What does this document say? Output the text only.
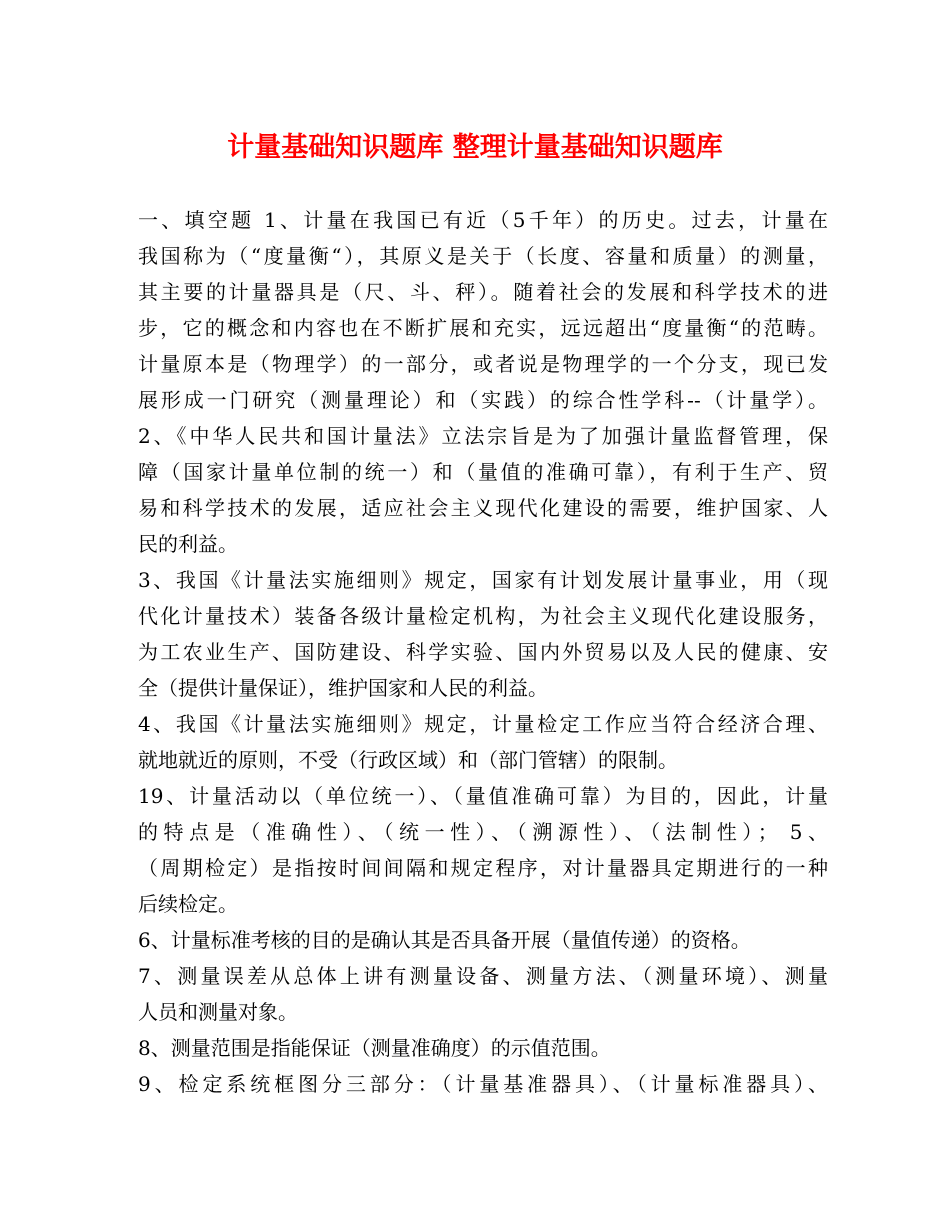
计量基础知识题库 整理计量基础知识题库
一、填空题 1、计量在我国已有近（5千年）的历史。过去，计量在
我国称为（“度量衡“），其原义是关于（长度、容量和质量）的测量，
其主要的计量器具是（尺、斗、秤）。随着社会的发展和科学技术的进
步，它的概念和内容也在不断扩展和充实，远远超出“度量衡“的范畴。
计量原本是（物理学）的一部分，或者说是物理学的一个分支，现已发
展形成一门研究（测量理论）和（实践）的综合性学科--（计量学）。
2、《中华人民共和国计量法》立法宗旨是为了加强计量监督管理，保
障（国家计量单位制的统一）和（量值的准确可靠），有利于生产、贸
易和科学技术的发展，适应社会主义现代化建设的需要，维护国家、人
民的利益。
3、我国《计量法实施细则》规定，国家有计划发展计量事业，用（现
代化计量技术）装备各级计量检定机构，为社会主义现代化建设服务，
为工农业生产、国防建设、科学实验、国内外贸易以及人民的健康、安
全（提供计量保证），维护国家和人民的利益。
4、我国《计量法实施细则》规定，计量检定工作应当符合经济合理、
就地就近的原则，不受（行政区域）和（部门管辖）的限制。
19、计量活动以（单位统一）、（量值准确可靠）为目的，因此，计量
的特点是（准确性）、（统一性）、（溯源性）、（法制性）； 5、
（周期检定）是指按时间间隔和规定程序，对计量器具定期进行的一种
后续检定。
6、计量标准考核的目的是确认其是否具备开展（量值传递）的资格。
7、测量误差从总体上讲有测量设备、测量方法、（测量环境）、测量
人员和测量对象。
8、测量范围是指能保证（测量准确度）的示值范围。
9、检定系统框图分三部分：（计量基准器具）、（计量标准器具）、
